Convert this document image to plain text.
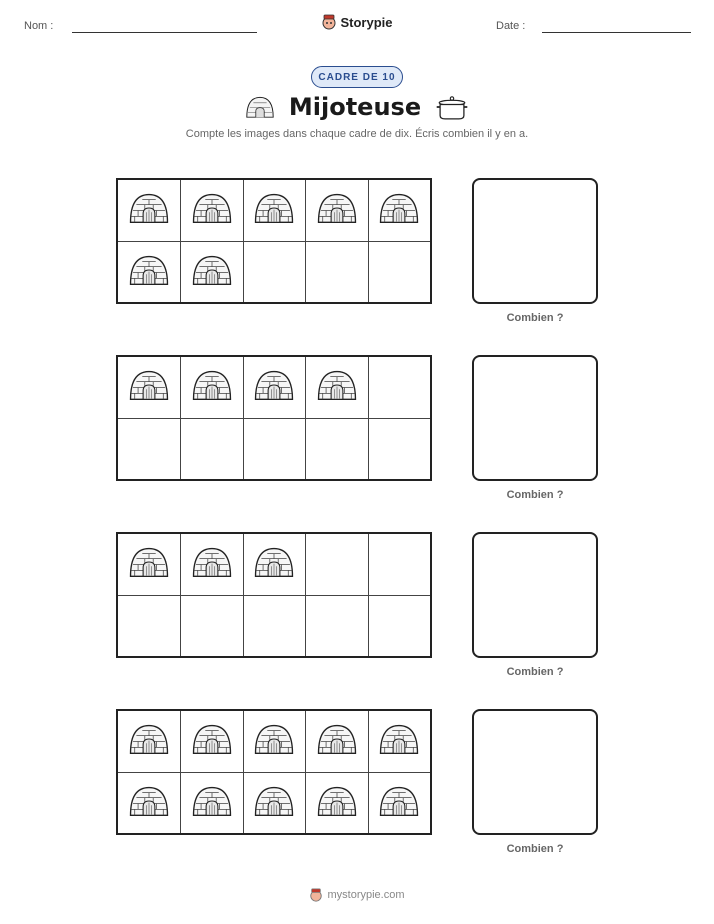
Nom :	Storypie	Date :
CADRE DE 10
Mijoteuse
Compte les images dans chaque cadre de dix. Écris combien il y en a.
Combien ?
Combien ?
Combien ?
Combien ?
mystorypie.com
